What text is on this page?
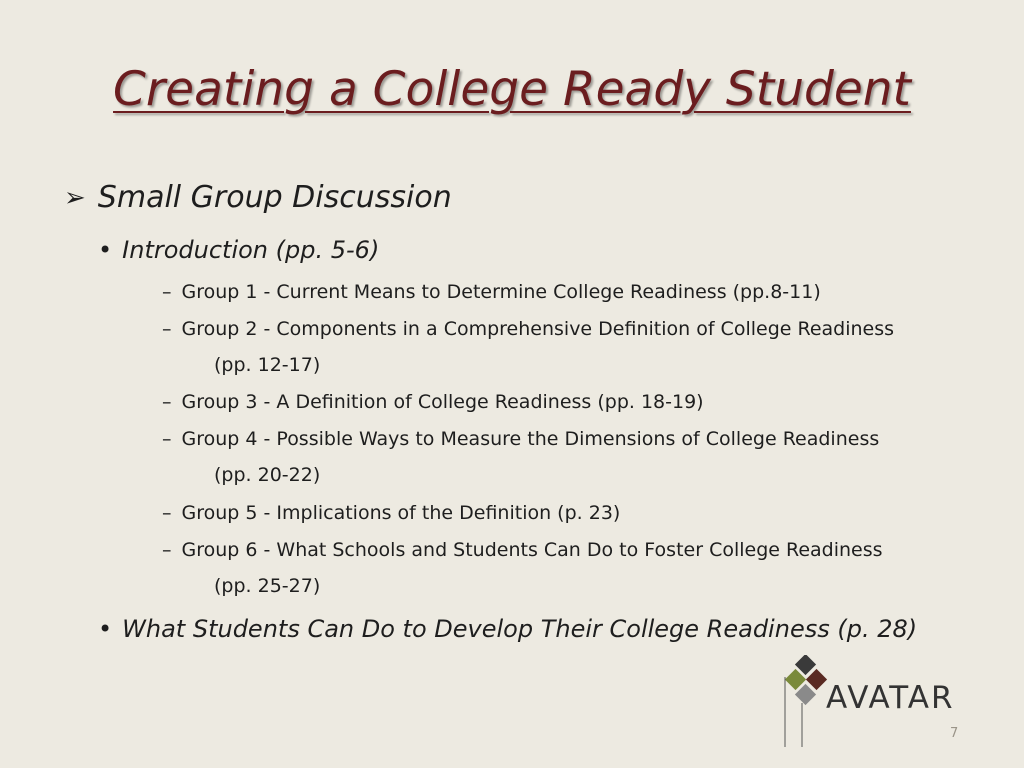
Creating a College Ready Student
➢ Small Group Discussion
• Introduction (pp. 5-6)
– Group 1 - Current Means to Determine College Readiness (pp.8-11)
– Group 2 - Components in a Comprehensive Definition of College Readiness
(pp. 12-17)
– Group 3 - A Definition of College Readiness (pp. 18-19)
– Group 4 - Possible Ways to Measure the Dimensions of College Readiness
(pp. 20-22)
– Group 5 - Implications of the Definition (p. 23)
– Group 6 - What Schools and Students Can Do to Foster College Readiness
(pp. 25-27)
• What Students Can Do to Develop Their College Readiness (p. 28)
AVATAR
7
